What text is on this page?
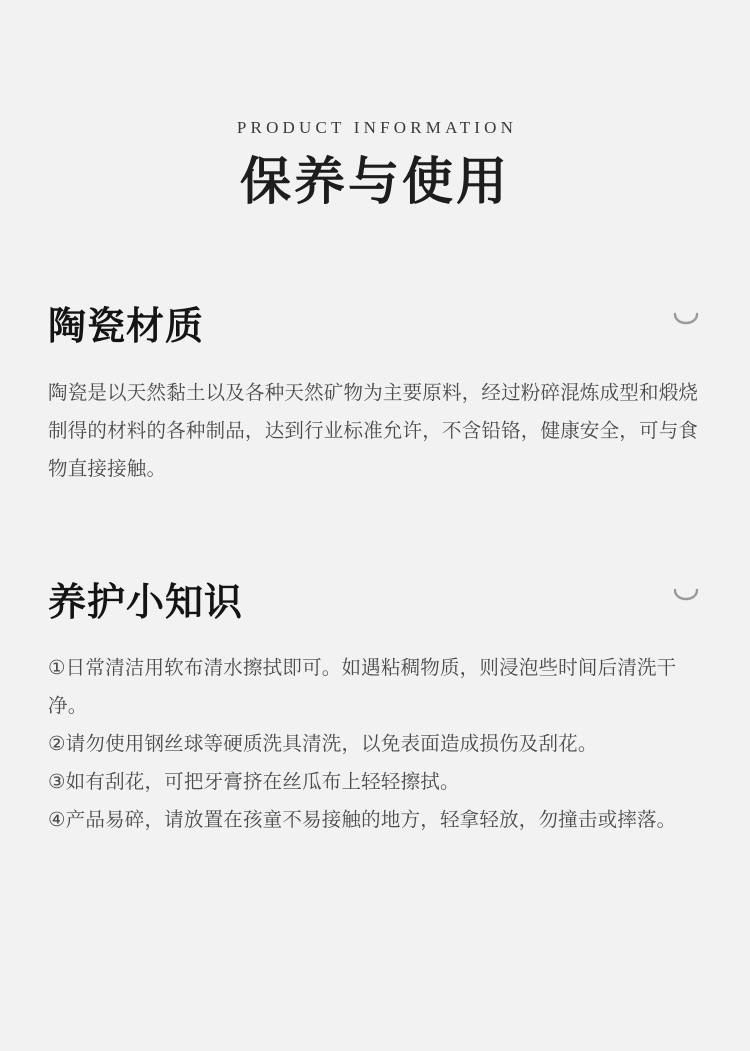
PRODUCT INFORMATION
保养与使用
陶瓷材质

陶瓷是以天然黏土以及各种天然矿物为主要原料，经过粉碎混炼成型和煅烧制得的材料的各种制品，达到行业标准允许，不含铅铬，健康安全，可与食物直接接触。

养护小知识

①日常清洁用软布清水擦拭即可。如遇粘稠物质，则浸泡些时间后清洗干净。

②请勿使用钢丝球等硬质洗具清洗，以免表面造成损伤及刮花。

③如有刮花，可把牙膏挤在丝瓜布上轻轻擦拭。

④产品易碎，请放置在孩童不易接触的地方，轻拿轻放，勿撞击或摔落。
